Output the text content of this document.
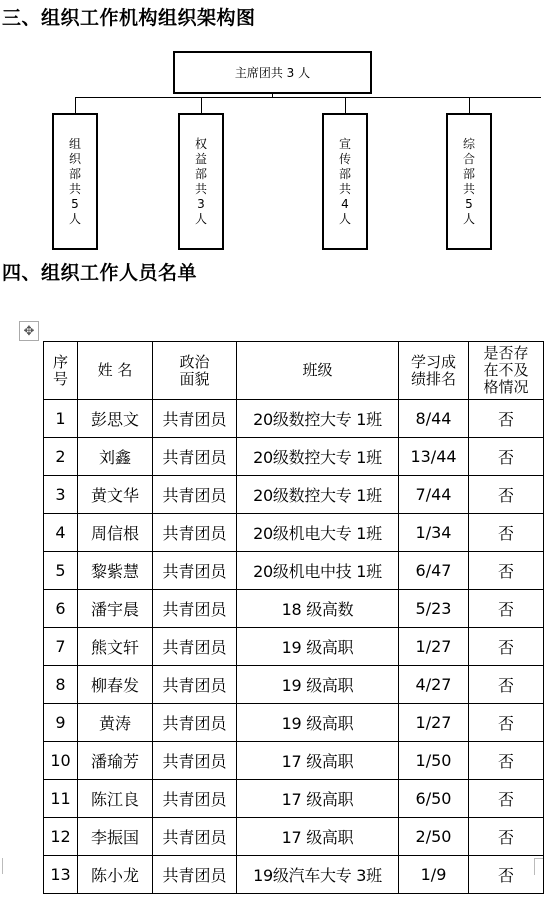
三、组织工作机构组织架构图
主席团共 3 人
组织部共5人
权益部共3人
宣传部共4人
综合部共5人
四、组织工作人员名单
✥
序号	姓 名	政治面貌	班级	学习成绩排名	是否存在不及格情况

1	彭思文	共青团员	20级数控大专 1班	8/44	否
2	刘鑫	共青团员	20级数控大专 1班	13/44	否
3	黄文华	共青团员	20级数控大专 1班	7/44	否
4	周信根	共青团员	20级机电大专 1班	1/34	否
5	黎紫慧	共青团员	20级机电中技 1班	6/47	否
6	潘宇晨	共青团员	18 级高数	5/23	否
7	熊文轩	共青团员	19 级高职	1/27	否
8	柳春发	共青团员	19 级高职	4/27	否
9	黄涛	共青团员	19 级高职	1/27	否
10	潘瑜芳	共青团员	17 级高职	1/50	否
11	陈江良	共青团员	17 级高职	6/50	否
12	李振国	共青团员	17 级高职	2/50	否
13	陈小龙	共青团员	19级汽车大专 3班	1/9	否
